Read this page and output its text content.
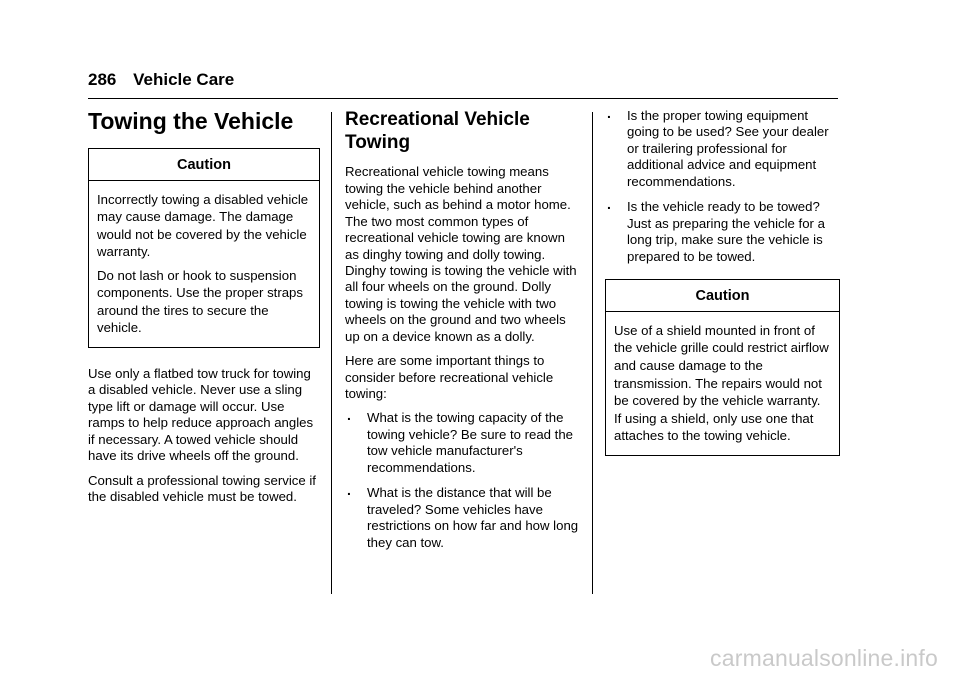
286 Vehicle Care
Towing the Vehicle
Caution

Incorrectly towing a disabled vehicle may cause damage. The damage would not be covered by the vehicle warranty.

Do not lash or hook to suspension components. Use the proper straps around the tires to secure the vehicle.

Use only a flatbed tow truck for towing a disabled vehicle. Never use a sling type lift or damage will occur. Use ramps to help reduce approach angles if necessary. A towed vehicle should have its drive wheels off the ground.

Consult a professional towing service if the disabled vehicle must be towed.

Recreational Vehicle Towing

Recreational vehicle towing means towing the vehicle behind another vehicle, such as behind a motor home. The two most common types of recreational vehicle towing are known as dinghy towing and dolly towing. Dinghy towing is towing the vehicle with all four wheels on the ground. Dolly towing is towing the vehicle with two wheels on the ground and two wheels up on a device known as a dolly.

Here are some important things to consider before recreational vehicle towing:

. What is the towing capacity of the towing vehicle? Be sure to read the tow vehicle manufacturer's recommendations.
. What is the distance that will be traveled? Some vehicles have restrictions on how far and how long they can tow.
. Is the proper towing equipment going to be used? See your dealer or trailering professional for additional advice and equipment recommendations.
. Is the vehicle ready to be towed? Just as preparing the vehicle for a long trip, make sure the vehicle is prepared to be towed.
Caution

Use of a shield mounted in front of the vehicle grille could restrict airflow and cause damage to the transmission. The repairs would not be covered by the vehicle warranty. If using a shield, only use one that attaches to the towing vehicle.

carmanualsonline.info
